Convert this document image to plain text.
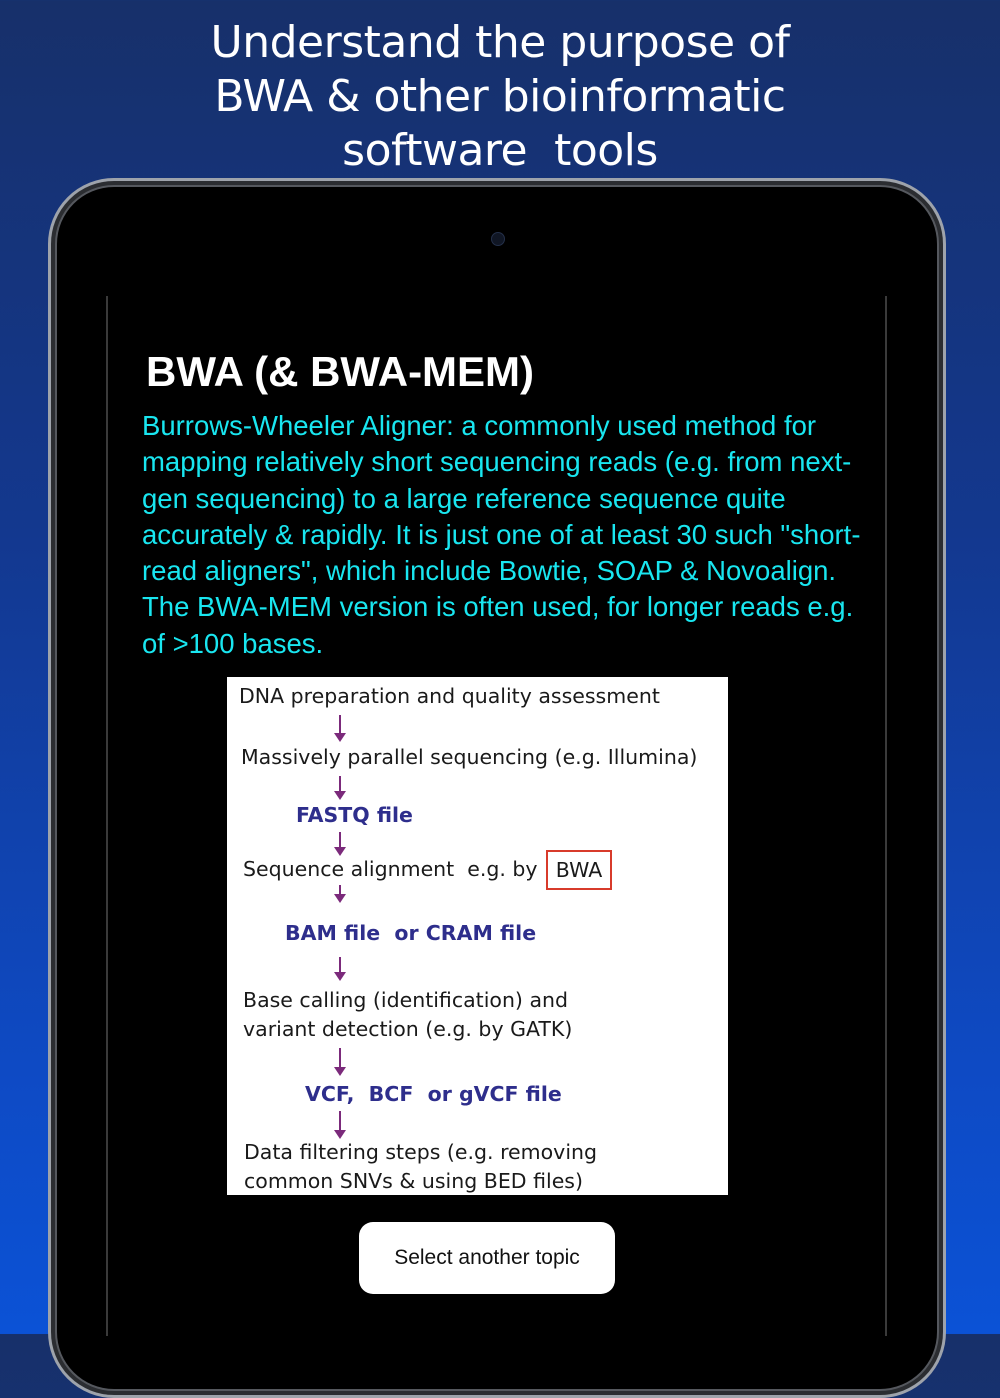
Understand the purpose of
BWA & other bioinformatic
software  tools
BWA (& BWA-MEM)

Burrows-Wheeler Aligner: a commonly used method for mapping relatively short sequencing reads (e.g. from next-gen sequencing) to a large reference sequence quite accurately & rapidly. It is just one of at least 30 such "short-read aligners", which include Bowtie, SOAP & Novoalign. The BWA-MEM version is often used, for longer reads e.g. of >100 bases.

DNA preparation and quality assessment
Massively parallel sequencing (e.g. Illumina)
FASTQ file
Sequence alignment  e.g. by
BAM file  or CRAM file
Base calling (identification) and
variant detection (e.g. by GATK)
VCF,  BCF  or gVCF file
Data filtering steps (e.g. removing
common SNVs & using BED files)
BWA
Select another topic
